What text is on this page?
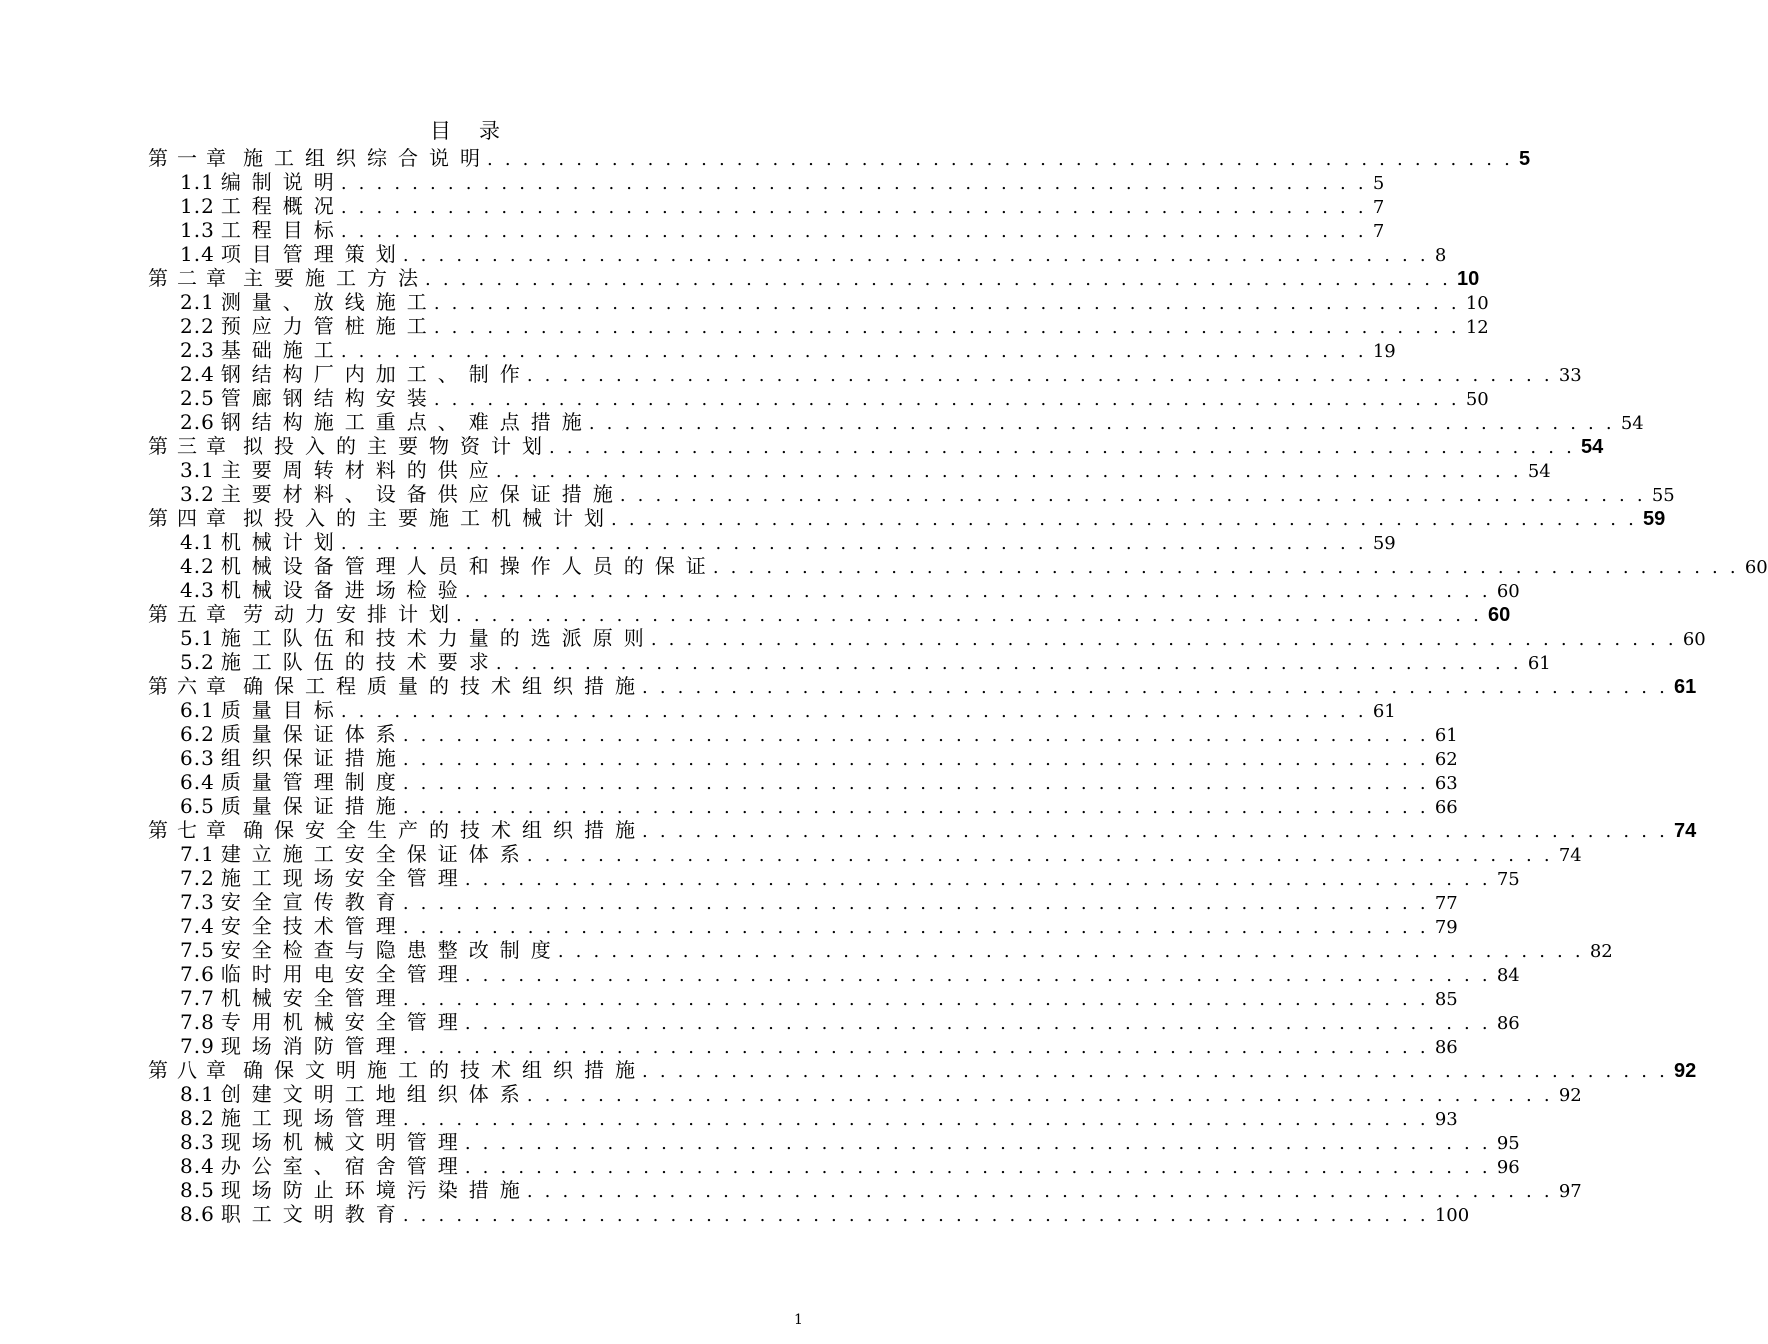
目录
第一章 施工组织综合说明
. . . . . . . . . . . . . . . . . . . . . . . . . . . . . . . . . . . . . . . . . . . . . . . . . . . . . . . . . . 5
1.1 编制说明
. . . . . . . . . . . . . . . . . . . . . . . . . . . . . . . . . . . . . . . . . . . . . . . . . . . . . . . . . . 5
1.2 工程概况
. . . . . . . . . . . . . . . . . . . . . . . . . . . . . . . . . . . . . . . . . . . . . . . . . . . . . . . . . . 7
1.3 工程目标
. . . . . . . . . . . . . . . . . . . . . . . . . . . . . . . . . . . . . . . . . . . . . . . . . . . . . . . . . . 7
1.4 项目管理策划
. . . . . . . . . . . . . . . . . . . . . . . . . . . . . . . . . . . . . . . . . . . . . . . . . . . . . . . . . . 8
第二章 主要施工方法
. . . . . . . . . . . . . . . . . . . . . . . . . . . . . . . . . . . . . . . . . . . . . . . . . . . . . . . . . . 10
2.1 测量、放线施工
. . . . . . . . . . . . . . . . . . . . . . . . . . . . . . . . . . . . . . . . . . . . . . . . . . . . . . . . . . 10
2.2 预应力管桩施工
. . . . . . . . . . . . . . . . . . . . . . . . . . . . . . . . . . . . . . . . . . . . . . . . . . . . . . . . . . 12
2.3 基础施工
. . . . . . . . . . . . . . . . . . . . . . . . . . . . . . . . . . . . . . . . . . . . . . . . . . . . . . . . . . 19
2.4 钢结构厂内加工、制作
. . . . . . . . . . . . . . . . . . . . . . . . . . . . . . . . . . . . . . . . . . . . . . . . . . . . . . . . . . 33
2.5 管廊钢结构安装
. . . . . . . . . . . . . . . . . . . . . . . . . . . . . . . . . . . . . . . . . . . . . . . . . . . . . . . . . . 50
2.6 钢结构施工重点、难点措施
. . . . . . . . . . . . . . . . . . . . . . . . . . . . . . . . . . . . . . . . . . . . . . . . . . . . . . . . . . 54
第三章 拟投入的主要物资计划
. . . . . . . . . . . . . . . . . . . . . . . . . . . . . . . . . . . . . . . . . . . . . . . . . . . . . . . . . . 54
3.1 主要周转材料的供应
. . . . . . . . . . . . . . . . . . . . . . . . . . . . . . . . . . . . . . . . . . . . . . . . . . . . . . . . . . 54
3.2 主要材料、设备供应保证措施
. . . . . . . . . . . . . . . . . . . . . . . . . . . . . . . . . . . . . . . . . . . . . . . . . . . . . . . . . . 55
第四章 拟投入的主要施工机械计划
. . . . . . . . . . . . . . . . . . . . . . . . . . . . . . . . . . . . . . . . . . . . . . . . . . . . . . . . . . 59
4.1 机械计划
. . . . . . . . . . . . . . . . . . . . . . . . . . . . . . . . . . . . . . . . . . . . . . . . . . . . . . . . . . 59
4.2 机械设备管理人员和操作人员的保证
. . . . . . . . . . . . . . . . . . . . . . . . . . . . . . . . . . . . . . . . . . . . . . . . . . . . . . . . . . 60
4.3 机械设备进场检验
. . . . . . . . . . . . . . . . . . . . . . . . . . . . . . . . . . . . . . . . . . . . . . . . . . . . . . . . . . 60
第五章 劳动力安排计划
. . . . . . . . . . . . . . . . . . . . . . . . . . . . . . . . . . . . . . . . . . . . . . . . . . . . . . . . . . 60
5.1 施工队伍和技术力量的选派原则
. . . . . . . . . . . . . . . . . . . . . . . . . . . . . . . . . . . . . . . . . . . . . . . . . . . . . . . . . . 60
5.2 施工队伍的技术要求
. . . . . . . . . . . . . . . . . . . . . . . . . . . . . . . . . . . . . . . . . . . . . . . . . . . . . . . . . . 61
第六章 确保工程质量的技术组织措施
. . . . . . . . . . . . . . . . . . . . . . . . . . . . . . . . . . . . . . . . . . . . . . . . . . . . . . . . . . 61
6.1 质量目标
. . . . . . . . . . . . . . . . . . . . . . . . . . . . . . . . . . . . . . . . . . . . . . . . . . . . . . . . . . 61
6.2 质量保证体系
. . . . . . . . . . . . . . . . . . . . . . . . . . . . . . . . . . . . . . . . . . . . . . . . . . . . . . . . . . 61
6.3 组织保证措施
. . . . . . . . . . . . . . . . . . . . . . . . . . . . . . . . . . . . . . . . . . . . . . . . . . . . . . . . . . 62
6.4 质量管理制度
. . . . . . . . . . . . . . . . . . . . . . . . . . . . . . . . . . . . . . . . . . . . . . . . . . . . . . . . . . 63
6.5 质量保证措施
. . . . . . . . . . . . . . . . . . . . . . . . . . . . . . . . . . . . . . . . . . . . . . . . . . . . . . . . . . 66
第七章 确保安全生产的技术组织措施
. . . . . . . . . . . . . . . . . . . . . . . . . . . . . . . . . . . . . . . . . . . . . . . . . . . . . . . . . . 74
7.1 建立施工安全保证体系
. . . . . . . . . . . . . . . . . . . . . . . . . . . . . . . . . . . . . . . . . . . . . . . . . . . . . . . . . . 74
7.2 施工现场安全管理
. . . . . . . . . . . . . . . . . . . . . . . . . . . . . . . . . . . . . . . . . . . . . . . . . . . . . . . . . . 75
7.3 安全宣传教育
. . . . . . . . . . . . . . . . . . . . . . . . . . . . . . . . . . . . . . . . . . . . . . . . . . . . . . . . . . 77
7.4 安全技术管理
. . . . . . . . . . . . . . . . . . . . . . . . . . . . . . . . . . . . . . . . . . . . . . . . . . . . . . . . . . 79
7.5 安全检查与隐患整改制度
. . . . . . . . . . . . . . . . . . . . . . . . . . . . . . . . . . . . . . . . . . . . . . . . . . . . . . . . . . 82
7.6 临时用电安全管理
. . . . . . . . . . . . . . . . . . . . . . . . . . . . . . . . . . . . . . . . . . . . . . . . . . . . . . . . . . 84
7.7 机械安全管理
. . . . . . . . . . . . . . . . . . . . . . . . . . . . . . . . . . . . . . . . . . . . . . . . . . . . . . . . . . 85
7.8 专用机械安全管理
. . . . . . . . . . . . . . . . . . . . . . . . . . . . . . . . . . . . . . . . . . . . . . . . . . . . . . . . . . 86
7.9 现场消防管理
. . . . . . . . . . . . . . . . . . . . . . . . . . . . . . . . . . . . . . . . . . . . . . . . . . . . . . . . . . 86
第八章 确保文明施工的技术组织措施
. . . . . . . . . . . . . . . . . . . . . . . . . . . . . . . . . . . . . . . . . . . . . . . . . . . . . . . . . . 92
8.1 创建文明工地组织体系
. . . . . . . . . . . . . . . . . . . . . . . . . . . . . . . . . . . . . . . . . . . . . . . . . . . . . . . . . . 92
8.2 施工现场管理
. . . . . . . . . . . . . . . . . . . . . . . . . . . . . . . . . . . . . . . . . . . . . . . . . . . . . . . . . . 93
8.3 现场机械文明管理
. . . . . . . . . . . . . . . . . . . . . . . . . . . . . . . . . . . . . . . . . . . . . . . . . . . . . . . . . . 95
8.4 办公室、宿舍管理
. . . . . . . . . . . . . . . . . . . . . . . . . . . . . . . . . . . . . . . . . . . . . . . . . . . . . . . . . . 96
8.5 现场防止环境污染措施
. . . . . . . . . . . . . . . . . . . . . . . . . . . . . . . . . . . . . . . . . . . . . . . . . . . . . . . . . . 97
8.6 职工文明教育
. . . . . . . . . . . . . . . . . . . . . . . . . . . . . . . . . . . . . . . . . . . . . . . . . . . . . . . . . . 100
1
